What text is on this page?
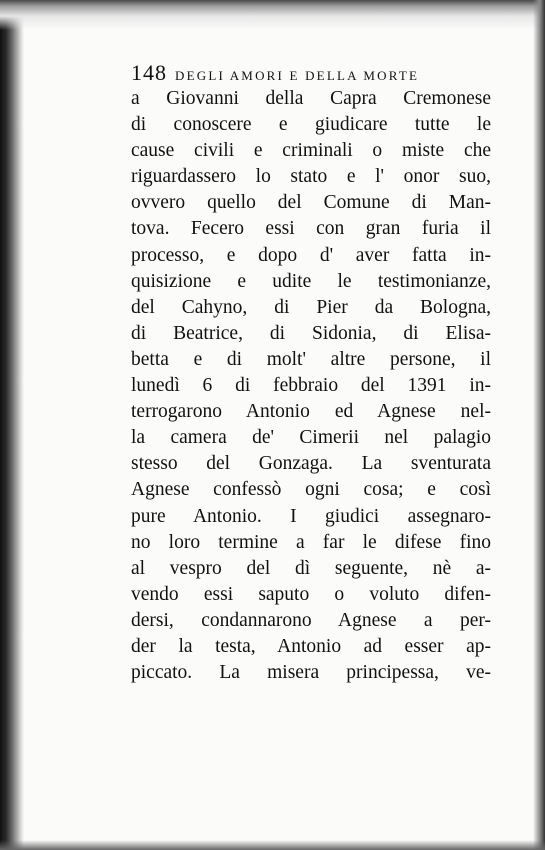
148 DEGLI AMORI E DELLA MORTE
a Giovanni della Capra Cremonese
di conoscere e giudicare tutte le
cause civili e criminali o miste che
riguardassero lo stato e l' onor suo,
ovvero quello del Comune di Man-
tova. Fecero essi con gran furia il
processo, e dopo d' aver fatta in-
quisizione e udite le testimonianze,
del Cahyno, di Pier da Bologna,
di Beatrice, di Sidonia, di Elisa-
betta e di molt' altre persone, il
lunedì 6 di febbraio del 1391 in-
terrogarono Antonio ed Agnese nel-
la camera de' Cimerii nel palagio
stesso del Gonzaga. La sventurata
Agnese confessò ogni cosa; e così
pure Antonio. I giudici assegnaro-
no loro termine a far le difese fino
al vespro del dì seguente, nè a-
vendo essi saputo o voluto difen-
dersi, condannarono Agnese a per-
der la testa, Antonio ad esser ap-
piccato. La misera principessa, ve-
